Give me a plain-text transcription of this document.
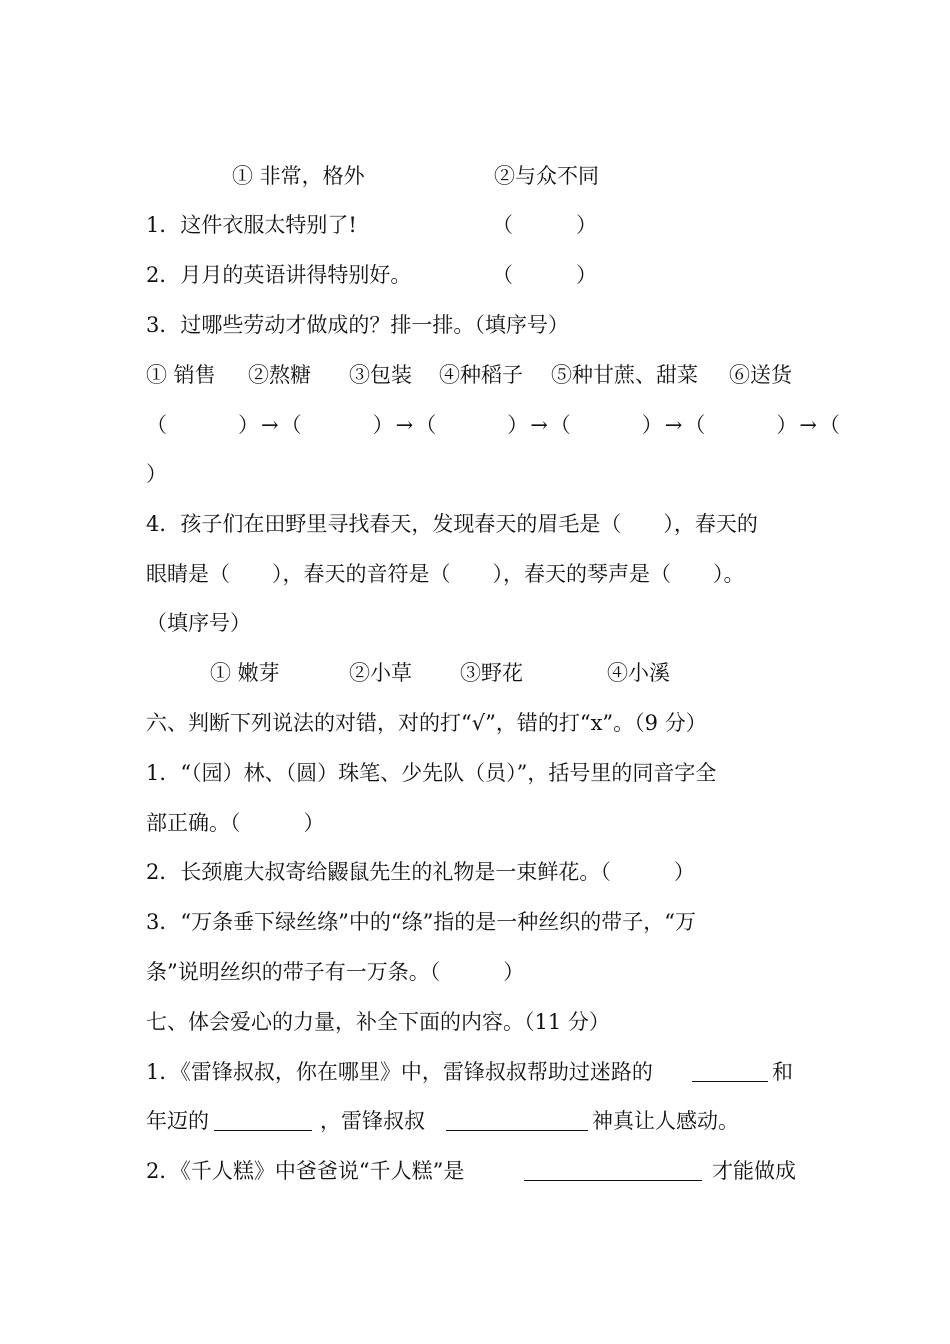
① 非常，格外	②与众不同
1．这件衣服太特别了!	（　　　）
2．月月的英语讲得特别好。	（　　　）
3．过哪些劳动才做成的？排一排。（填序号）
① 销售 ②熬糖 ③包装 ④种稻子 ⑤种甘蔗、甜菜 ⑥送货
（　　　）→（　　　）→（　　　）→（　　　）→（　　　）→（
）
4．孩子们在田野里寻找春天，发现春天的眉毛是（　　），春天的
眼睛是（　　），春天的音符是（　　），春天的琴声是（　　）。
（填序号）
① 嫩芽	②小草 ③野花	④小溪
六、判断下列说法的对错，对的打“√”，错的打“x”。（9 分）
1．“（园）林、（圆）珠笔、少先队（员）”，括号里的同音字全
部正确。（　　　）
2．长颈鹿大叔寄给鼹鼠先生的礼物是一束鲜花。（　　　）
3．“万条垂下绿丝绦”中的“绦”指的是一种丝织的带子，“万
条”说明丝织的带子有一万条。（　　　）
七、体会爱心的力量，补全下面的内容。（11 分）
1．《雷锋叔叔，你在哪里》中，雷锋叔叔帮助过迷路的	和
年迈的	，雷锋叔叔	神真让人感动。
2．《千人糕》中爸爸说“千人糕”是	才能做成
